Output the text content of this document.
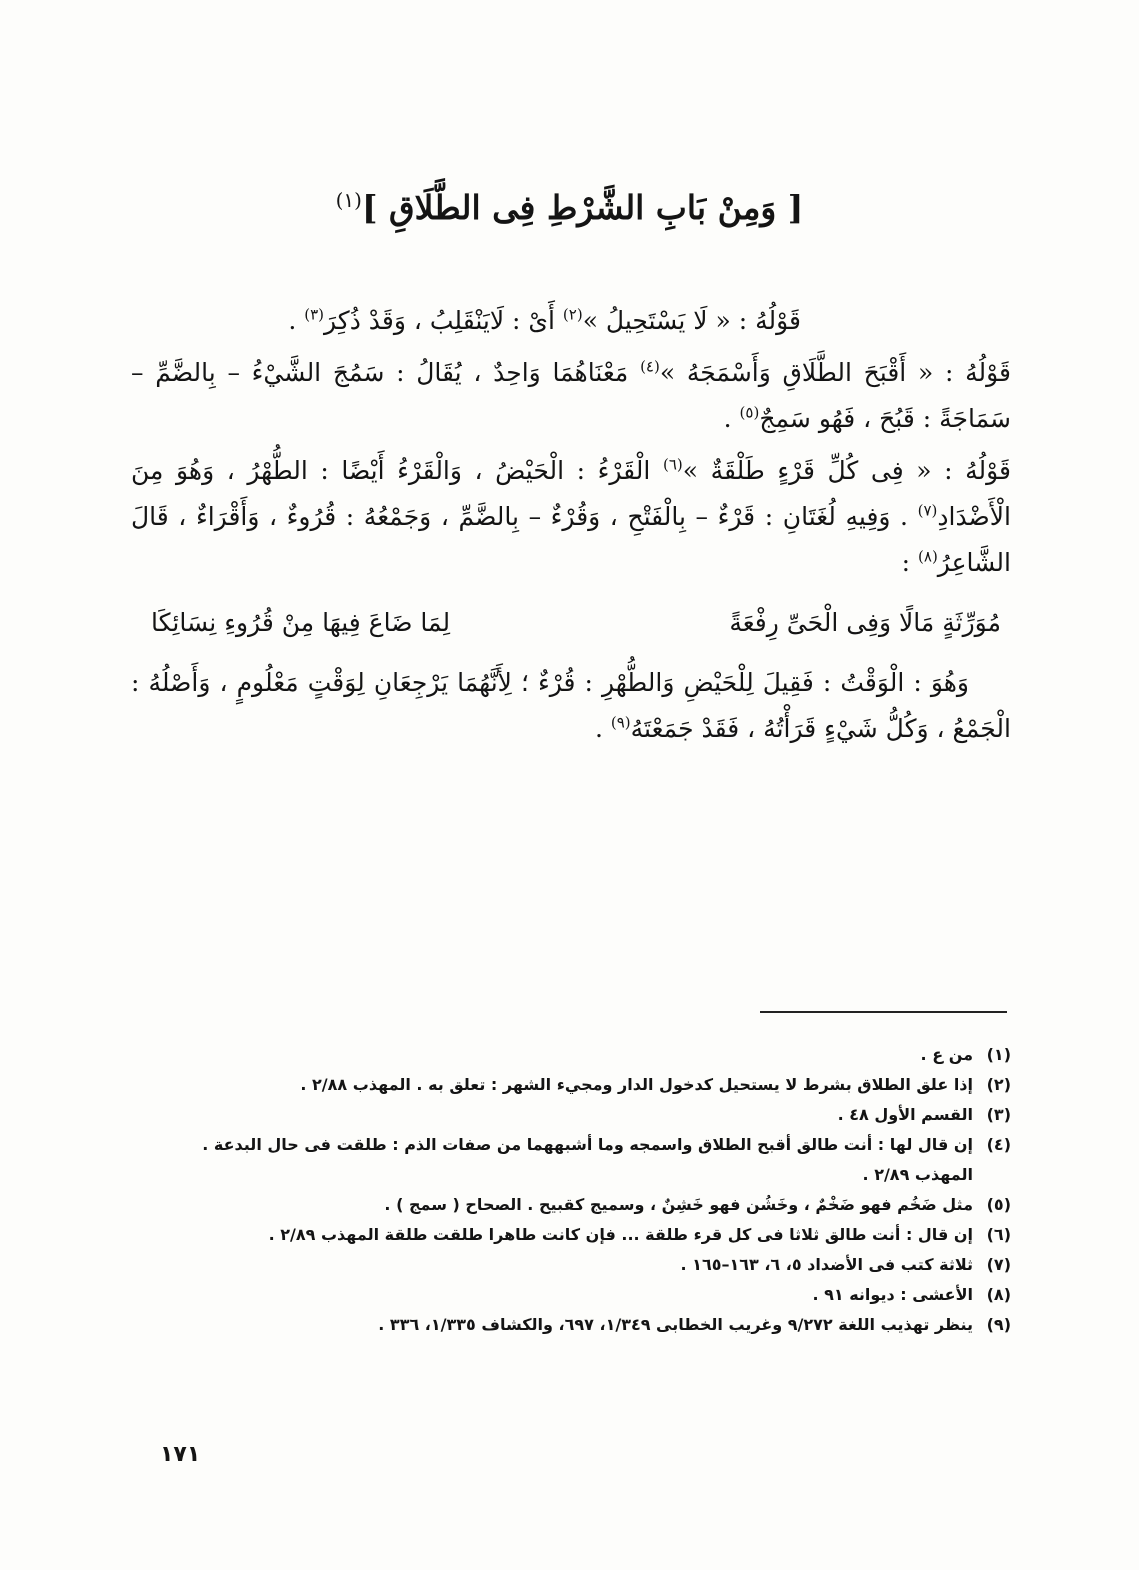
[ وَمِنْ بَابِ الشَّرْطِ فِى الطَّلَاقِ ]$^{(١)}$

قَوْلُهُ : « لَا يَسْتَحِيلُ »$^{(٢)}$ أَىْ : لَايَنْقَلِبُ ، وَقَدْ ذُكِرَ$^{(٣)}$ .

قَوْلُهُ : « أَقْبَحَ الطَّلَاقِ وَأَسْمَجَهُ »$^{(٤)}$ مَعْنَاهُمَا وَاحِدٌ ، يُقَالُ : سَمُجَ الشَّيْءُ – بِالضَّمِّ – سَمَاجَةً : قَبُحَ ، فَهُو سَمِجٌ$^{(٥)}$ .

قَوْلُهُ : « فِى كُلِّ قَرْءٍ طَلْقَةٌ »$^{(٦)}$ الْقَرْءُ : الْحَيْضُ ، وَالْقَرْءُ أَيْضًا : الطُّهْرُ ، وَهُوَ مِنَ الْأَضْدَادِ$^{(٧)}$ . وَفِيهِ لُغَتَانِ : قَرْءٌ – بِالْفَتْحِ ، وَقُرْءٌ – بِالضَّمِّ ، وَجَمْعُهُ : قُرُوءٌ ، وَأَقْرَاءٌ ، قَالَ الشَّاعِرُ$^{(٨)}$ :

مُوَرِّثَةٍ مَالًا وَفِى الْحَىِّ رِفْعَةً
لِمَا ضَاعَ فِيهَا مِنْ قُرُوءِ نِسَائِكَا

وَهُوَ : الْوَقْتُ : فَقِيلَ لِلْحَيْضِ وَالطُّهْرِ : قُرْءٌ ؛ لِأَنَّهُمَا يَرْجِعَانِ لِوَقْتٍ مَعْلُومٍ ، وَأَصْلُهُ : الْجَمْعُ ، وَكُلُّ شَيْءٍ قَرَأْتُهُ ، فَقَدْ جَمَعْتَهُ$^{(٩)}$ .

(١)
من ع .

(٢)
إذا علق الطلاق بشرط لا يستحيل كدخول الدار ومجيء الشهر : تعلق به . المهذب ٢/٨٨ .

(٣)
القسم الأول ٤٨ .

(٤)
إن قال لها : أنت طالق أقبح الطلاق واسمجه وما أشبههما من صفات الذم : طلقت فى حال البدعة .
المهذب ٢/٨٩ .

(٥)
مثل ضَخُم فهو ضَخْمٌ ، وخَشُن فهو خَشِنٌ ، وسميج كقبيح . الصحاح ( سمج ) .

(٦)
إن قال : أنت طالق ثلاثا فى كل قرء طلقة ... فإن كانت طاهرا طلقت طلقة المهذب ٢/٨٩ .

(٧)
ثلاثة كتب فى الأضداد ٥، ٦، ١٦٣–١٦٥ .

(٨)
الأعشى : ديوانه ٩١ .

(٩)
ينظر تهذيب اللغة ٩/٢٧٢ وغريب الخطابى ١/٣٤٩، ٦٩٧، والكشاف ١/٣٣٥، ٣٣٦ .

١٧١
